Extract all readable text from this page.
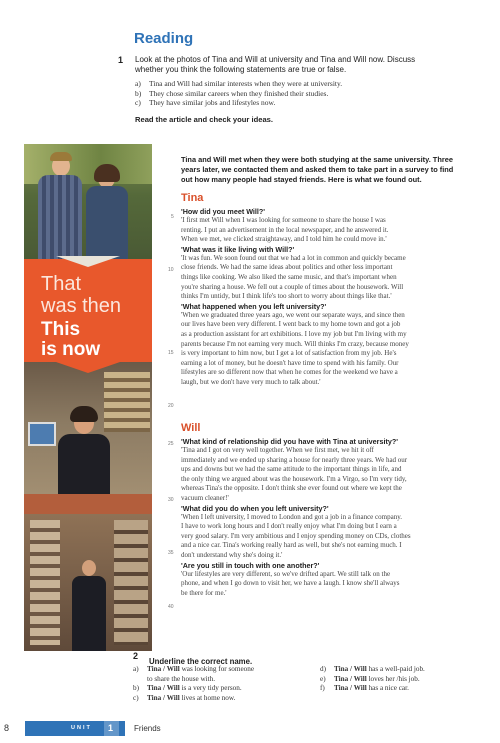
Reading
1 Look at the photos of Tina and Will at university and Tina and Will now. Discuss
whether you think the following statements are true or false.
a) Tina and Will had similar interests when they were at university.
b) They chose similar careers when they finished their studies.
c) They have similar jobs and lifestyles now.
Read the article and check your ideas.
That
was then
This
is now
Tina and Will met when they were both studying at the same university. Three
years later, we contacted them and asked them to take part in a survey to find
out how many people had stayed friends. Here is what we found out.
5
10
15
20
25
30
35
40
Tina
'How did you meet Will?'
'I first met Will when I was looking for someone to share the house I was
renting. I put an advertisement in the local newspaper, and he answered it.
When we met, we clicked straightaway, and I told him he could move in.'
'What was it like living with Will?'
'It was fun. We soon found out that we had a lot in common and quickly became
close friends. We had the same ideas about politics and other less important
things like cooking. We also liked the same music, and that's important when
you're sharing a house. We fell out a couple of times about the housework. Will
thinks I'm untidy, but I think life's too short to worry about things like that.'
'What happened when you left university?'
'When we graduated three years ago, we went our separate ways, and since then
our lives have been very different. I went back to my home town and got a job
as a production assistant for art exhibitions. I love my job but I'm living with my
parents because I'm not earning very much. Will thinks I'm crazy, because money
is very important to him now, but I get a lot of satisfaction from my job. He's
earning a lot of money, but he doesn't have time to spend with his family. Our
lifestyles are so different now that when he comes for the weekend we have a
laugh, but we don't have very much to talk about.'
Will
'What kind of relationship did you have with Tina at university?'
'Tina and I got on very well together. When we first met, we hit it off
immediately and we ended up sharing a house for nearly three years. We had our
ups and downs but we had the same attitude to the important things in life, and
the only thing we argued about was the housework. I'm a Virgo, so I'm very tidy,
whereas Tina's the opposite. I don't think she ever found out where we kept the
vacuum cleaner!'
'What did you do when you left university?'
'When I left university, I moved to London and got a job in a finance company.
I have to work long hours and I don't really enjoy what I'm doing but I earn a
very good salary. I'm very ambitious and I enjoy spending money on CDs, clothes
and a nice car. Tina's working really hard as well, but she's not earning much. I
don't understand why she's doing it.'
'Are you still in touch with one another?'
'Our lifestyles are very different, so we've drifted apart. We still talk on the
phone, and when I go down to visit her, we have a laugh. I know she'll always
be there for me.'
2
Underline the correct name.
a) Tina / Will was looking for someone
to share the house with.
b) Tina / Will is a very tidy person.
c) Tina / Will lives at home now.
d) Tina / Will has a well-paid job.
e) Tina / Will loves her /his job.
f) Tina / Will has a nice car.
8	UNIT 1	Friends
